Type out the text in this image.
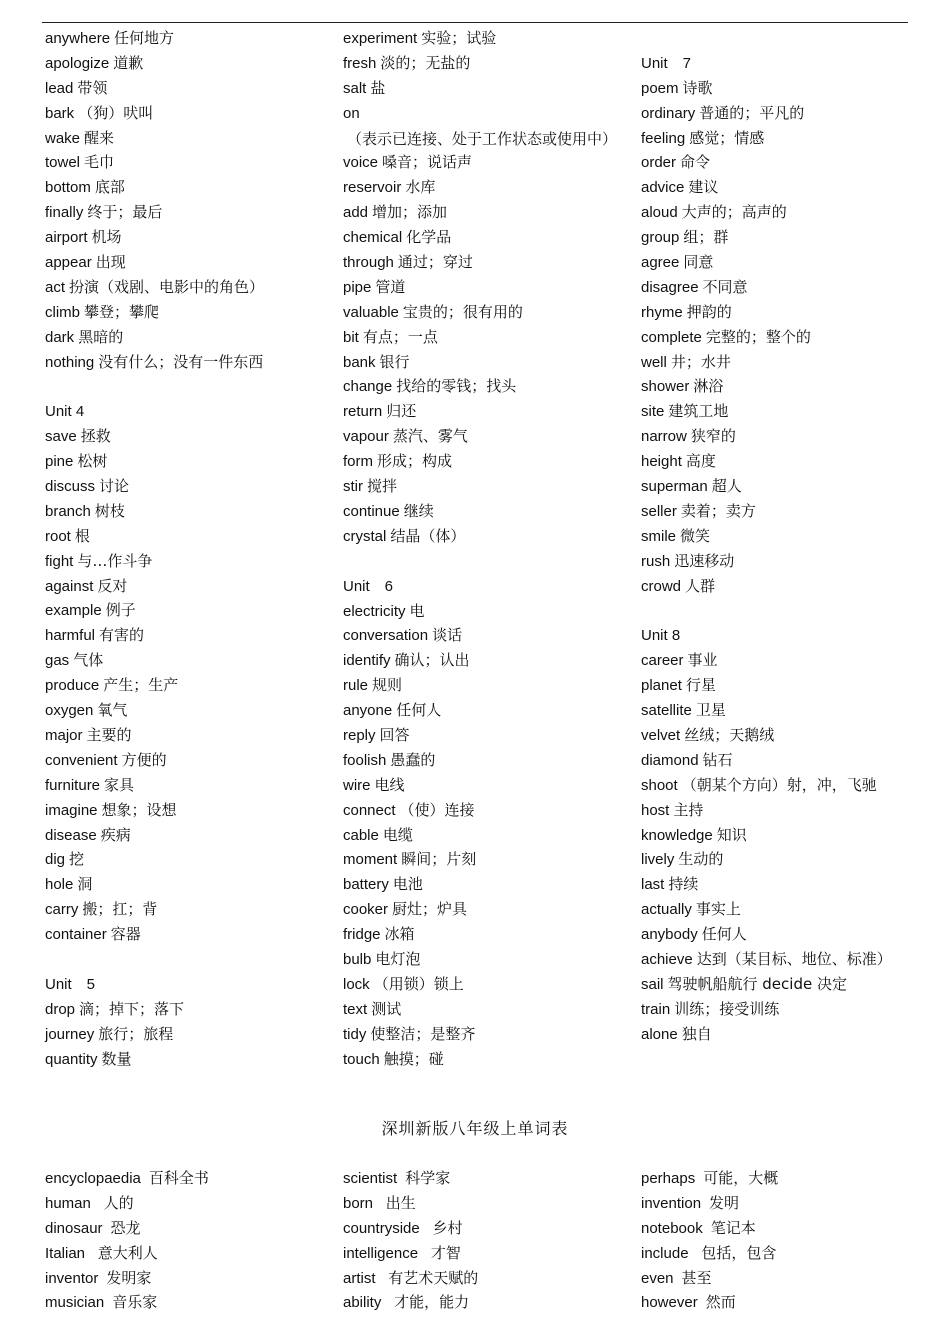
anywhere 任何地方
apologize 道歉
lead 带领
bark （狗）吠叫
wake 醒来
towel 毛巾
bottom 底部
finally 终于；最后
airport 机场
appear 出现
act 扮演（戏剧、电影中的角色）
climb 攀登；攀爬
dark 黑暗的
nothing 没有什么；没有一件东西
Unit 4
save 拯救
pine 松树
discuss 讨论
branch 树枝
root 根
fight 与…作斗争
against 反对
example 例子
harmful 有害的
gas 气体
produce 产生；生产
oxygen 氧气
major 主要的
convenient 方便的
furniture 家具
imagine 想象；设想
disease 疾病
dig 挖
hole 洞
carry 搬；扛；背
container 容器
Unit　5
drop 滴；掉下；落下
journey 旅行；旅程
quantity 数量
experiment 实验；试验
fresh 淡的；无盐的
salt 盐
on（表示已连接、处于工作状态或使用中）
voice 嗓音；说话声
reservoir 水库
add 增加；添加
chemical 化学品
through 通过；穿过
pipe 管道
valuable 宝贵的；很有用的
bit 有点；一点
bank 银行
change 找给的零钱；找头
return 归还
vapour 蒸汽、雾气
form 形成；构成
stir 搅拌
continue 继续
crystal 结晶（体）
Unit　6
electricity 电
conversation 谈话
identify 确认；认出
rule 规则
anyone 任何人
reply 回答
foolish 愚蠢的
wire 电线
connect （使）连接
cable 电缆
moment 瞬间；片刻
battery 电池
cooker 厨灶；炉具
fridge 冰箱
bulb 电灯泡
lock （用锁）锁上
text 测试
tidy 使整洁；是整齐
touch 触摸；碰
Unit　7
poem 诗歌
ordinary 普通的；平凡的
feeling 感觉；情感
order 命令
advice 建议
aloud 大声的；高声的
group 组；群
agree 同意
disagree 不同意
rhyme 押韵的
complete 完整的；整个的
well 井；水井
shower 淋浴
site 建筑工地
narrow 狭窄的
height 高度
superman 超人
seller 卖着；卖方
smile 微笑
rush 迅速移动
crowd 人群
Unit 8
career 事业
planet 行星
satellite 卫星
velvet 丝绒；天鹅绒
diamond 钻石
shoot （朝某个方向）射，冲，飞驰
host 主持
knowledge 知识
lively 生动的
last 持续
actually 事实上
anybody 任何人
achieve 达到（某目标、地位、标准）
sail 驾驶帆船航行 decide 决定
train 训练；接受训练
alone 独自
深圳新版八年级上单词表
encyclopaedia 百科全书
human 人的
dinosaur 恐龙
Italian 意大利人
inventor 发明家
musician 音乐家
scientist 科学家
born 出生
countryside 乡村
intelligence 才智
artist 有艺术天赋的
ability 才能，能力
perhaps 可能，大概
invention 发明
notebook 笔记本
include 包括，包含
even 甚至
however 然而
